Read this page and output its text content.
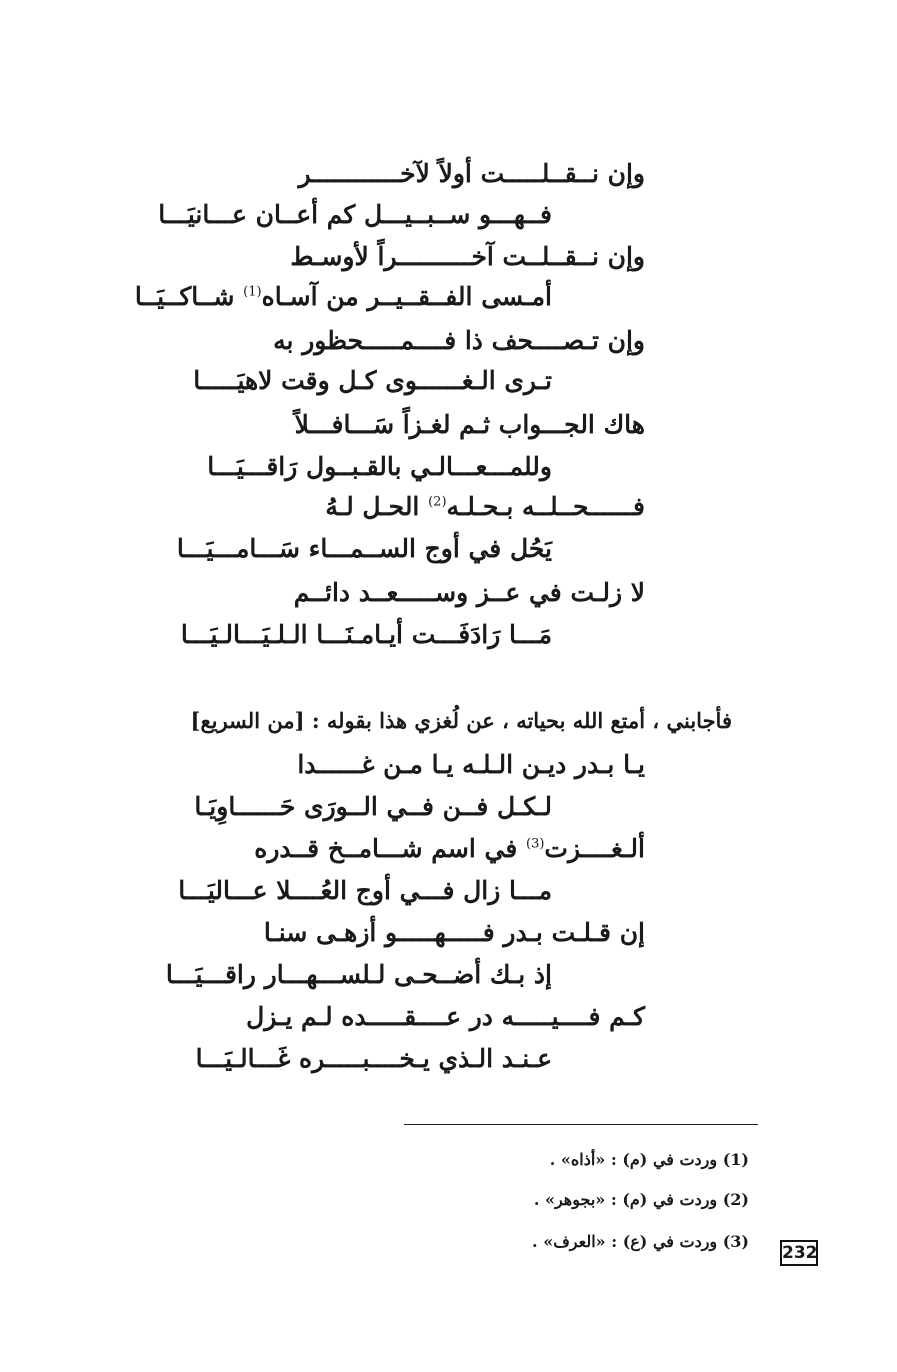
وإن نــقــلـــــت أولاً لآخــــــــــــر
فــهـــو ســبــيـــل كم أعــان عـــانيَـــا
وإن نــقــلــت آخــــــــــراً لأوسـط
أمـسى الفــقــيــر من آسـاه$^{(1)}$ شــاكــيَــا
وإن تـصــــحف ذا فــــمـــــحظور به
تـرى الـغــــــوى كـل وقت لاهيَـــــا
هاك الجـــواب ثـم لغـزاً سَـــافـــلاً
وللمـــعـــالـي بالقـبــول رَاقـــيَـــا
فــــــحــلــه بـحـلـه$^{(2)}$ الحـل لـهُ
يَحُل في أوج الســمـــاء سَـــامـــيَـــا
لا زلـت في عــز وســـــعــد دائــم
مَـــا رَادَفَـــت أيـامـنَـــا الـلـيَـــالـيَـــا
فأجابني ، أمتع الله بحياته ، عن لُغزي هذا بقوله : [من السريع]
يـا بـدر ديـن الـلـه يـا مـن غــــــدا
لـكـل فــن فــي الــورَى حَــــــاوِيَـا
ألـغــــزت$^{(3)}$ في اسم شـــامــخ قــدره
مـــا زال فـــي أوج العُــــلا عـــاليَـــا
إن قـلـت بـدر فـــــهـــــو أزهـى سنـا
إذ بـك أضــحـى لـلســـهـــار راقـــيَـــا
كـم فــــيـــــه در عــــقـــــده لـم يـزل
عـنـد الـذي يـخــــبـــــره غَـــالـيَـــا
(1) وردت في (م) : «أذاه» .
(2) وردت في (م) : «بجوهر» .
(3) وردت في (ع) : «العرف» .
232
